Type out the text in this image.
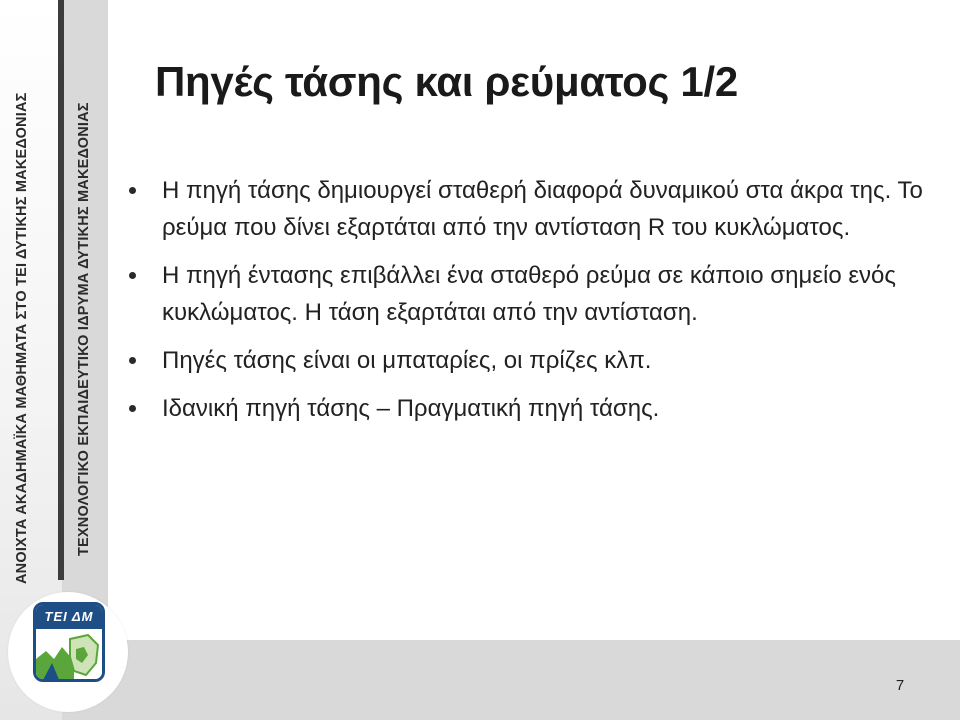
ΑΝΟΙΧΤΑ ΑΚΑΔΗΜΑΪΚΑ ΜΑΘΗΜΑΤΑ ΣΤΟ ΤΕΙ ΔΥΤΙΚΗΣ ΜΑΚΕΔΟΝΙΑΣ	ΤΕΧΝΟΛΟΓΙΚΟ ΕΚΠΑΙΔΕΥΤΙΚΟ ΙΔΡΥΜΑ ΔΥΤΙΚΗΣ ΜΑΚΕΔΟΝΙΑΣ
ΤΕΙ ΔΜ
Πηγές τάσης και ρεύματος 1/2
Η πηγή τάσης δημιουργεί σταθερή διαφορά δυναμικού στα άκρα της. Το ρεύμα που δίνει εξαρτάται από την αντίσταση R του κυκλώματος.
Η πηγή έντασης επιβάλλει ένα σταθερό ρεύμα σε κάποιο σημείο ενός κυκλώματος. Η τάση εξαρτάται από την αντίσταση.
Πηγές τάσης είναι οι μπαταρίες, οι πρίζες κλπ.
Ιδανική πηγή τάσης – Πραγματική πηγή τάσης.
7
